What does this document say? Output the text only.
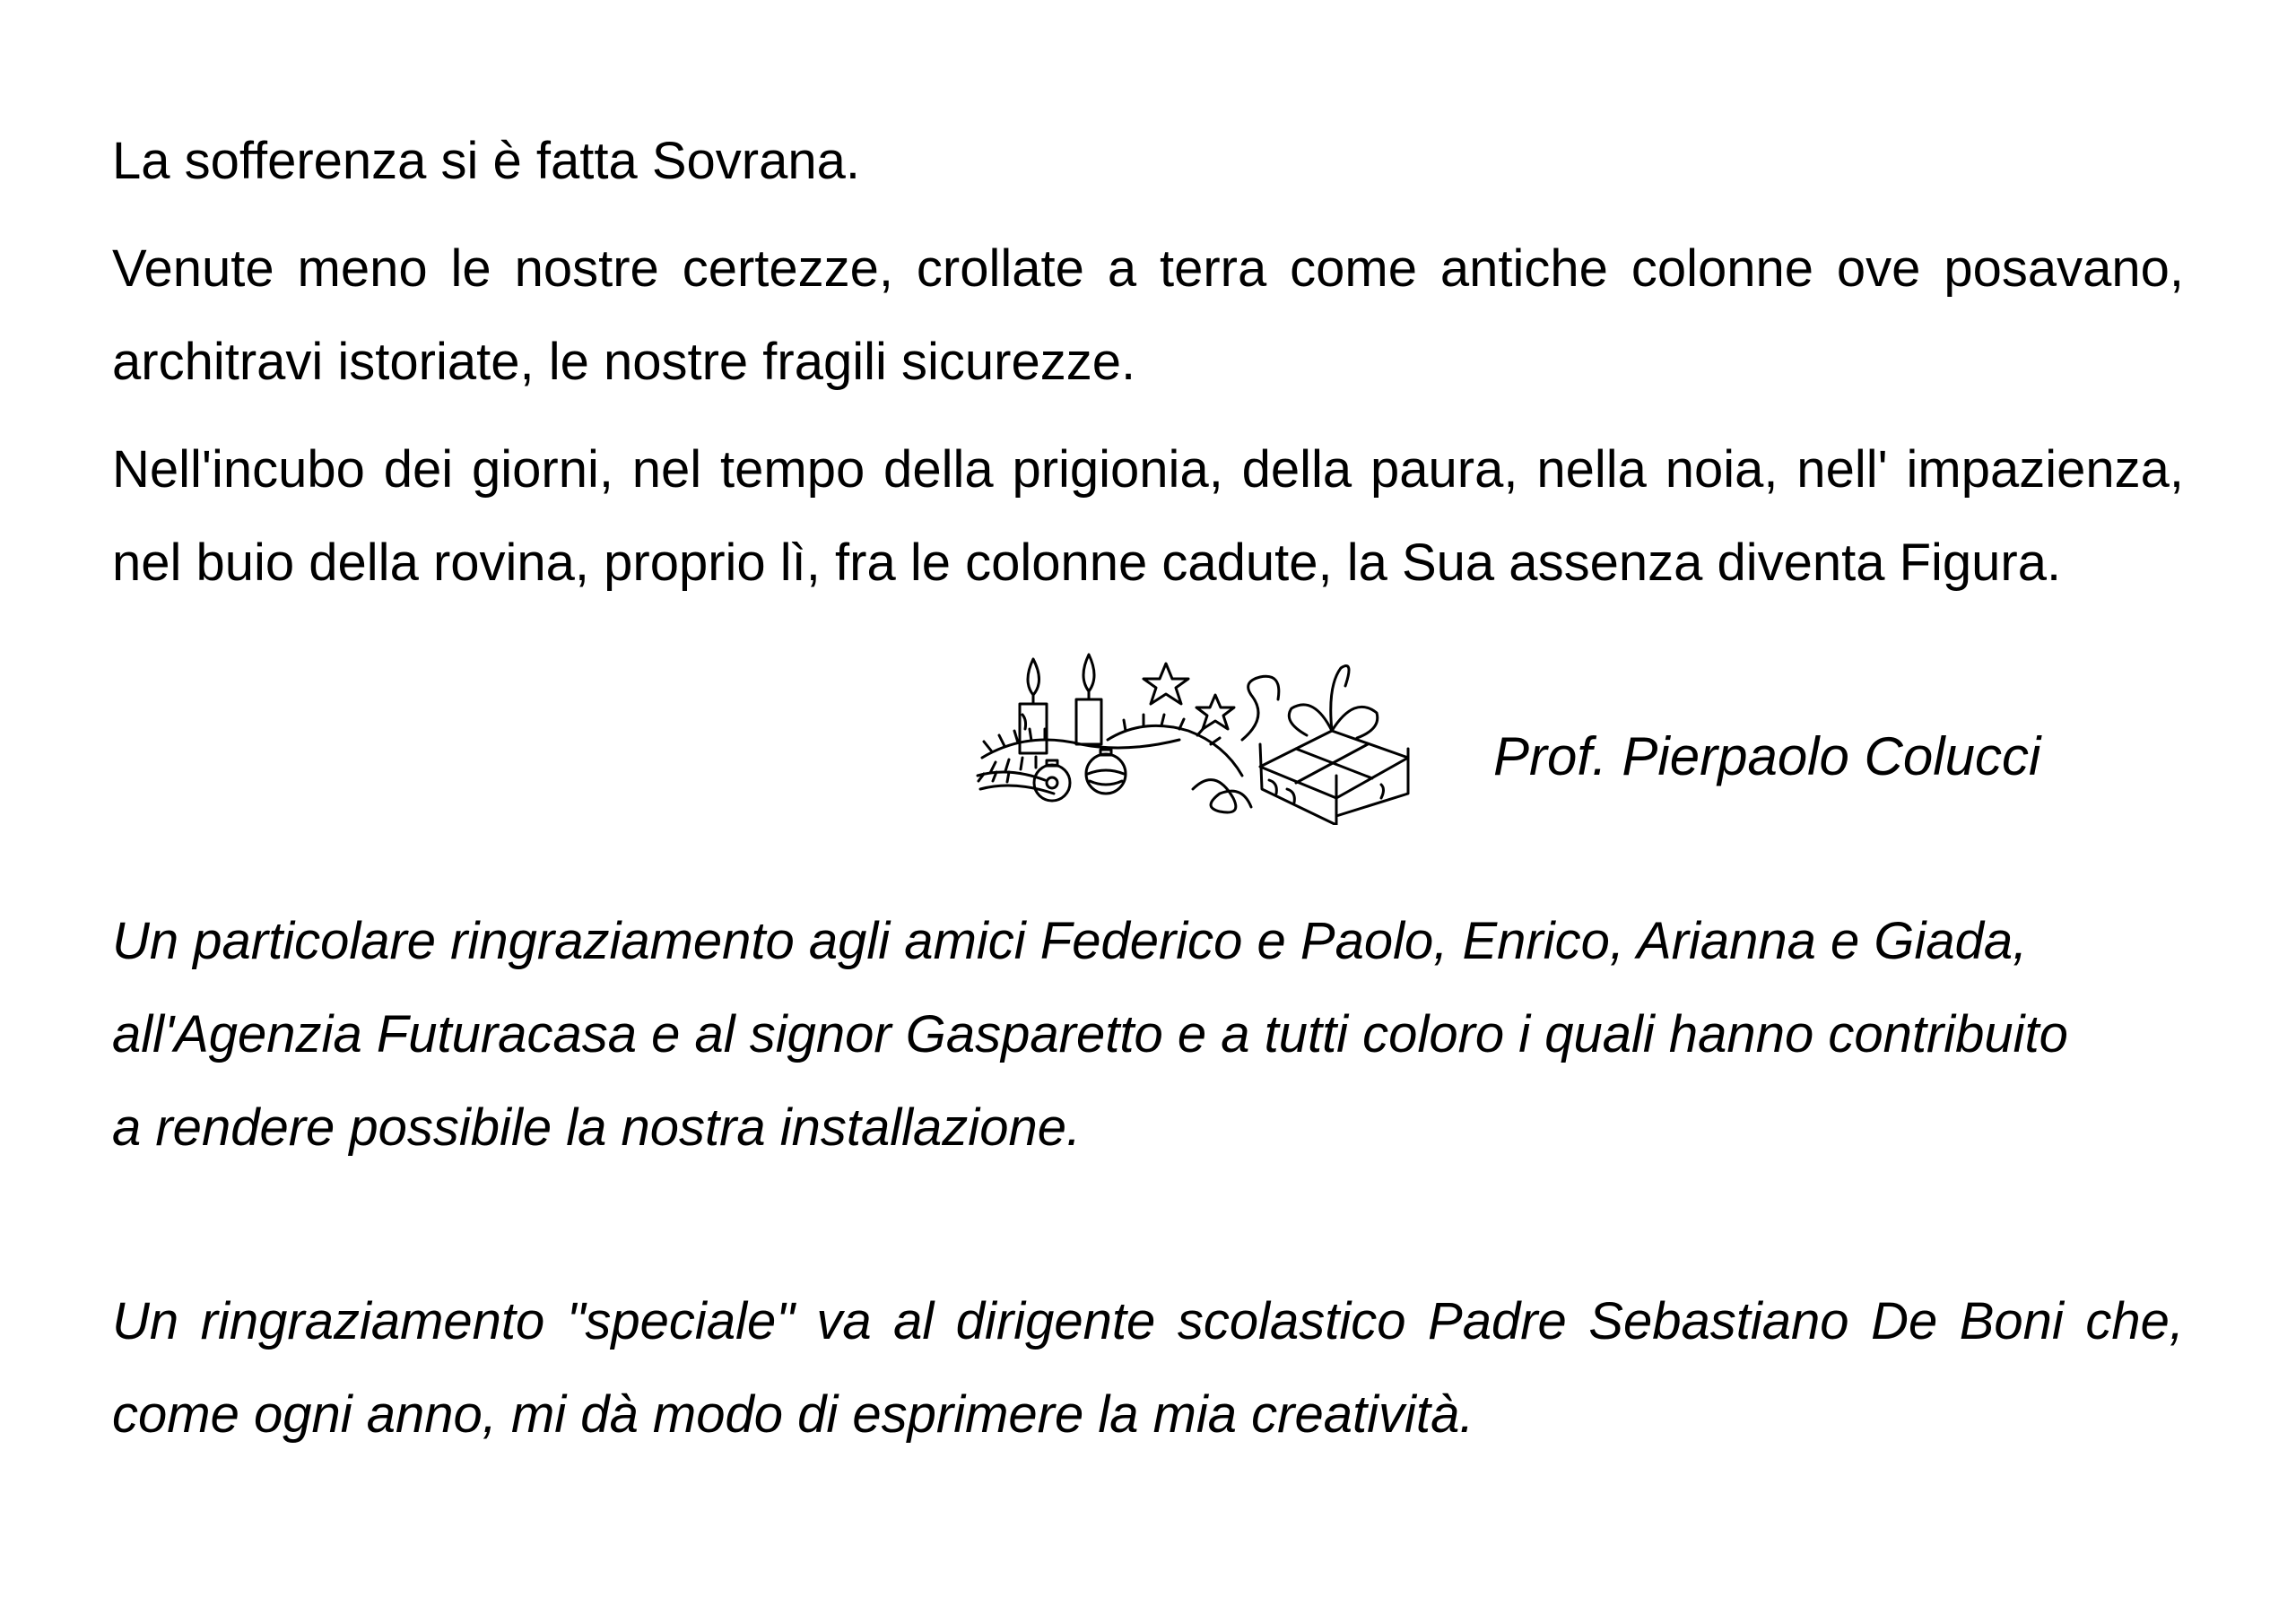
La sofferenza si è fatta Sovrana.

Venute meno le nostre certezze, crollate a terra come antiche colonne ove posavano, architravi istoriate, le nostre fragili sicurezze.

Nell'incubo dei giorni, nel tempo della prigionia, della paura, nella noia, nell' impazienza, nel buio della rovina, proprio lì, fra le colonne cadute, la Sua assenza diventa Figura.

Prof. Pierpaolo Colucci

Un particolare ringraziamento agli amici Federico e Paolo, Enrico, Arianna e Giada, all'Agenzia Futuracasa e al signor Gasparetto e a tutti coloro i quali hanno contribuito a rendere possibile la nostra installazione.

Un ringraziamento "speciale" va al dirigente scolastico Padre Sebastiano De Boni che, come ogni anno, mi dà modo di esprimere la mia creatività.
